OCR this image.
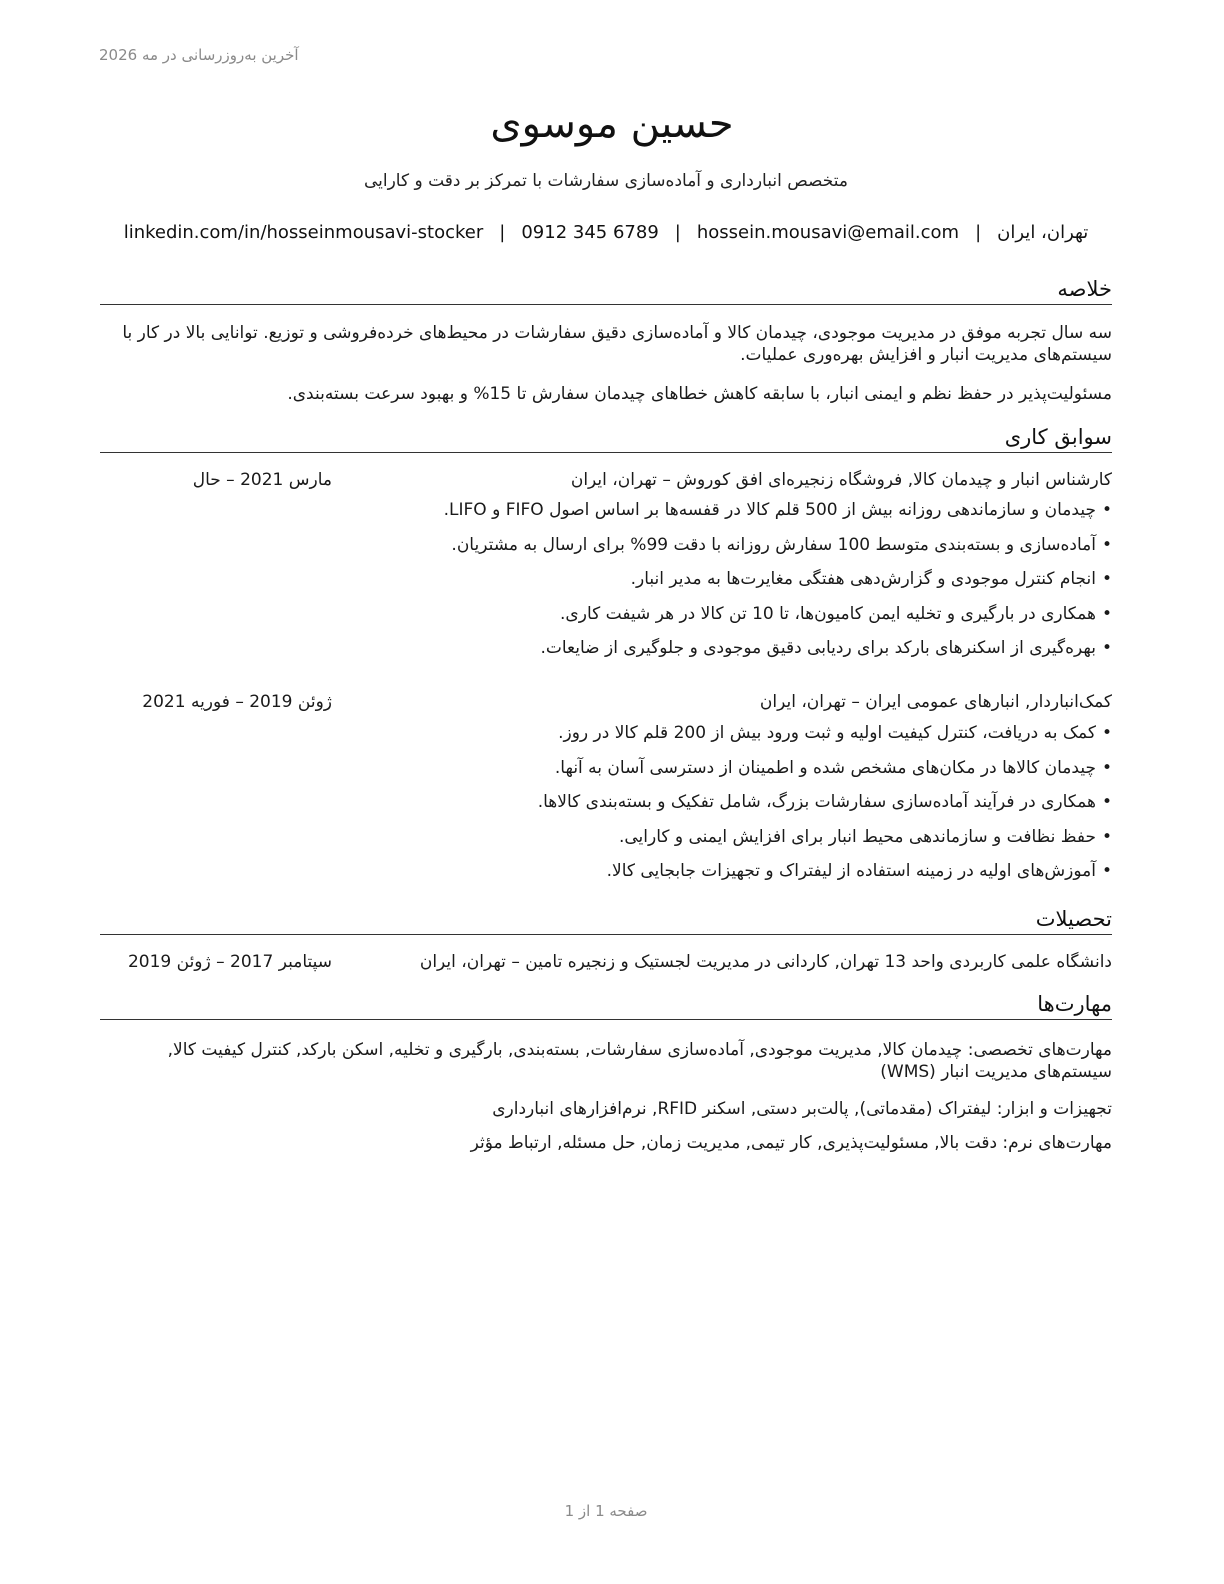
آخرین به‌روزرسانی در مه 2026
حسین موسوی
متخصص انبارداری و آماده‌سازی سفارشات با تمرکز بر دقت و کارایی
تهران، ایران
|
hossein.mousavi@email.com
|
0912 345 6789
|
linkedin.com/in/hosseinmousavi-stocker
خلاصه
سه سال تجربه موفق در مدیریت موجودی، چیدمان کالا و آماده‌سازی دقیق سفارشات در محیط‌های خرده‌فروشی و توزیع. توانایی بالا در کار با سیستم‌های مدیریت انبار و افزایش بهره‌وری عملیات.
مسئولیت‌پذیر در حفظ نظم و ایمنی انبار، با سابقه کاهش خطاهای چیدمان سفارش تا 15% و بهبود سرعت بسته‌بندی.
سوابق کاری
کارشناس انبار و چیدمان کالا, فروشگاه زنجیره‌ای افق کوروش – تهران، ایران
مارس 2021 – حال
•چیدمان و سازماندهی روزانه بیش از 500 قلم کالا در قفسه‌ها بر اساس اصول FIFO و LIFO.
•آماده‌سازی و بسته‌بندی متوسط 100 سفارش روزانه با دقت 99% برای ارسال به مشتریان.
•انجام کنترل موجودی و گزارش‌دهی هفتگی مغایرت‌ها به مدیر انبار.
•همکاری در بارگیری و تخلیه ایمن کامیون‌ها، تا 10 تن کالا در هر شیفت کاری.
•بهره‌گیری از اسکنرهای بارکد برای ردیابی دقیق موجودی و جلوگیری از ضایعات.
کمک‌انباردار, انبارهای عمومی ایران – تهران، ایران
ژوئن 2019 – فوریه 2021
•کمک به دریافت، کنترل کیفیت اولیه و ثبت ورود بیش از 200 قلم کالا در روز.
•چیدمان کالاها در مکان‌های مشخص شده و اطمینان از دسترسی آسان به آنها.
•همکاری در فرآیند آماده‌سازی سفارشات بزرگ، شامل تفکیک و بسته‌بندی کالاها.
•حفظ نظافت و سازماندهی محیط انبار برای افزایش ایمنی و کارایی.
•آموزش‌های اولیه در زمینه استفاده از لیفتراک و تجهیزات جابجایی کالا.
تحصیلات
دانشگاه علمی کاربردی واحد 13 تهران, کاردانی در مدیریت لجستیک و زنجیره تامین – تهران، ایران
سپتامبر 2017 – ژوئن 2019
مهارت‌ها
مهارت‌های تخصصی: چیدمان کالا, مدیریت موجودی, آماده‌سازی سفارشات, بسته‌بندی, بارگیری و تخلیه, اسکن بارکد, کنترل کیفیت کالا, سیستم‌های مدیریت انبار (WMS)
تجهیزات و ابزار: لیفتراک (مقدماتی), پالت‌بر دستی, اسکنر RFID, نرم‌افزارهای انبارداری
مهارت‌های نرم: دقت بالا, مسئولیت‌پذیری, کار تیمی, مدیریت زمان, حل مسئله, ارتباط مؤثر
صفحه 1 از 1
